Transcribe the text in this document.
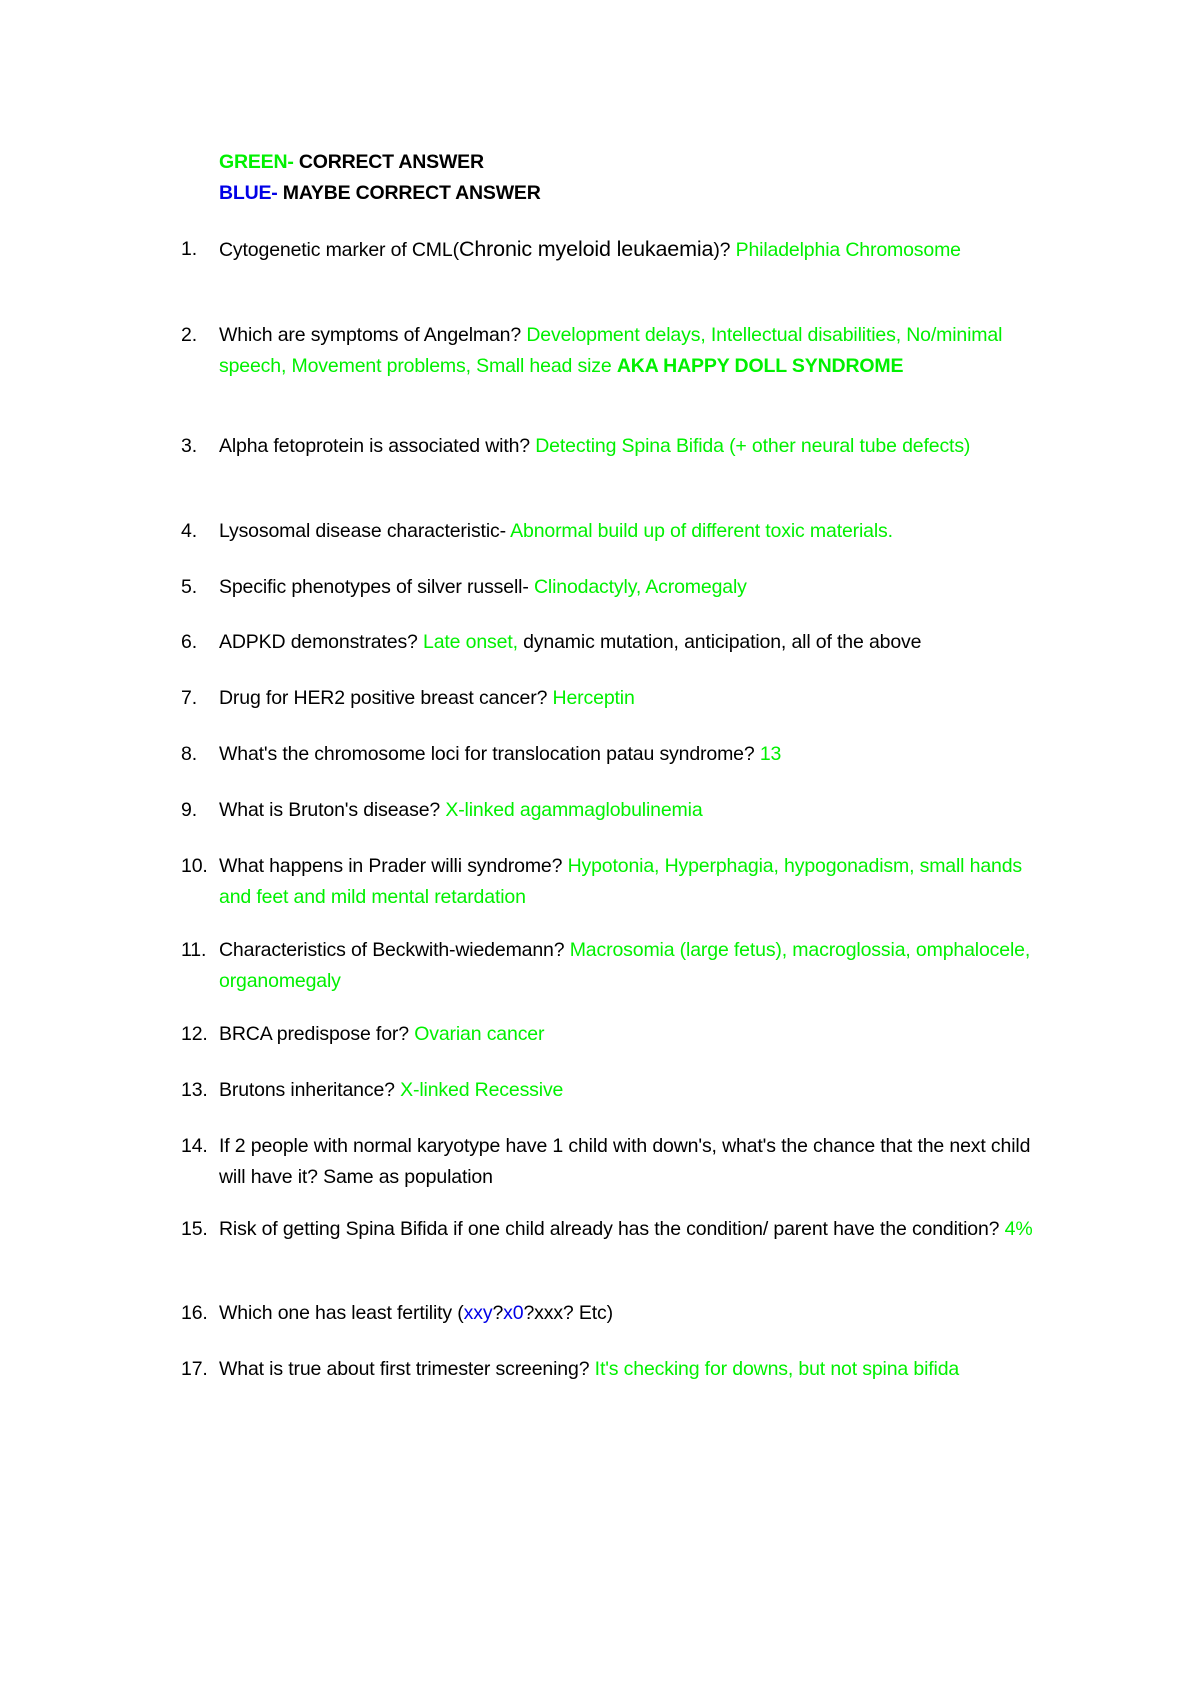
GREEN- CORRECT ANSWER
BLUE- MAYBE CORRECT ANSWER
1. Cytogenetic marker of CML(Chronic myeloid leukaemia)? Philadelphia Chromosome
2. Which are symptoms of Angelman? Development delays, Intellectual disabilities, No/minimal speech, Movement problems, Small head size AKA HAPPY DOLL SYNDROME
3. Alpha fetoprotein is associated with? Detecting Spina Bifida (+ other neural tube defects)
4. Lysosomal disease characteristic- Abnormal build up of different toxic materials.
5. Specific phenotypes of silver russell- Clinodactyly, Acromegaly
6. ADPKD demonstrates? Late onset, dynamic mutation, anticipation, all of the above
7. Drug for HER2 positive breast cancer? Herceptin
8. What's the chromosome loci for translocation patau syndrome? 13
9. What is Bruton's disease? X-linked agammaglobulinemia
10. What happens in Prader willi syndrome? Hypotonia, Hyperphagia, hypogonadism, small hands and feet and mild mental retardation
11. Characteristics of Beckwith-wiedemann? Macrosomia (large fetus), macroglossia, omphalocele, organomegaly
12. BRCA predispose for? Ovarian cancer
13. Brutons inheritance? X-linked Recessive
14. If 2 people with normal karyotype have 1 child with down's, what's the chance that the next child will have it? Same as population
15. Risk of getting Spina Bifida if one child already has the condition/ parent have the condition? 4%
16. Which one has least fertility (xxy?x0?xxx? Etc)
17. What is true about first trimester screening? It's checking for downs, but not spina bifida
